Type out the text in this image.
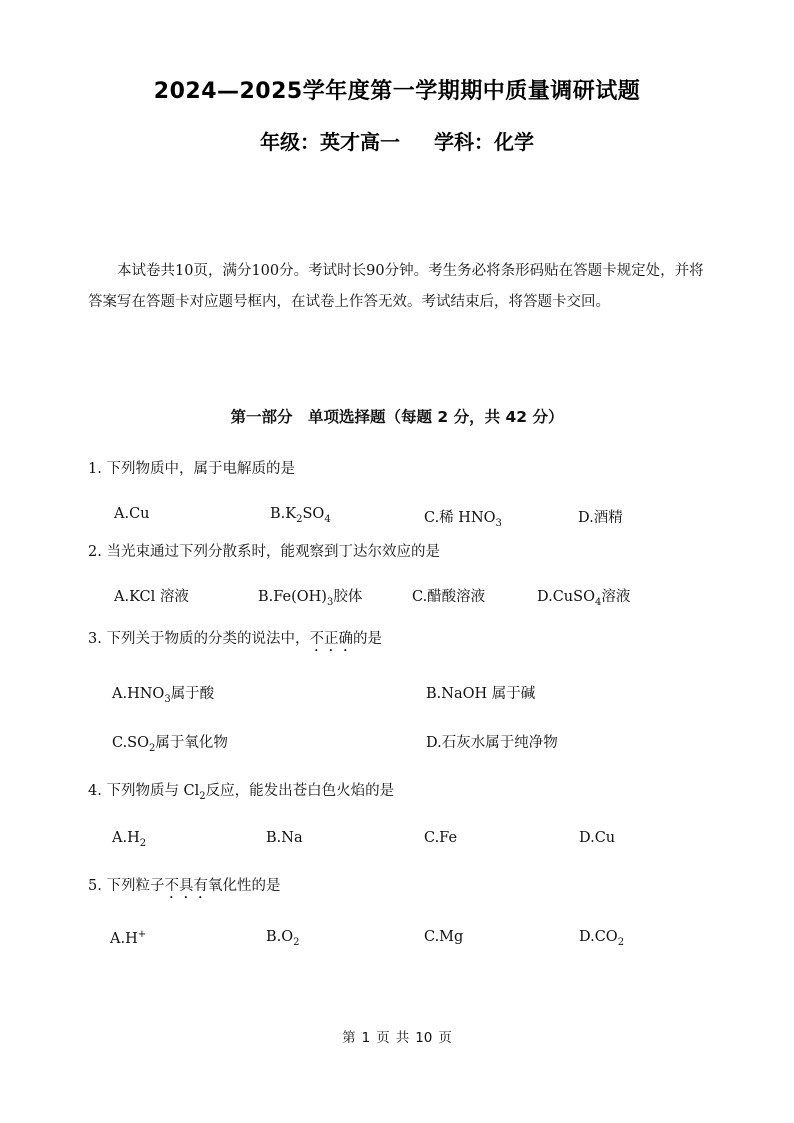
2024—2025学年度第一学期期中质量调研试题
年级：英才高一 学科：化学

本试卷共10页，满分100分。考试时长90分钟。考生务必将条形码贴在答题卡规定处，并将答案写在答题卡对应题号框内，在试卷上作答无效。考试结束后，将答题卡交回。

第一部分　单项选择题（每题 2 分，共 42 分）
1. 下列物质中，属于电解质的是
A.Cu	$B.K_2SO_4$	C.稀 $HNO_3$	D.酒精
2. 当光束通过下列分散系时，能观察到丁达尔效应的是
A.KCl 溶液	$B.Fe(OH)_3$胶体	C.醋酸溶液	D.CuSO$_4$溶液
3. 下列关于物质的分类的说法中，不正确的是
$A.HNO_3$属于酸	B.NaOH 属于碱
$C.SO_2$属于氧化物	D.石灰水属于纯净物
4. 下列物质与 $Cl_2$反应，能发出苍白色火焰的是
$A.H_2$	B.Na	C.Fe	D.Cu
5. 下列粒子不具有氧化性的是
A.H+	$B.O_2$	C.Mg	$D.CO_2$
第 1 页 共 10 页
